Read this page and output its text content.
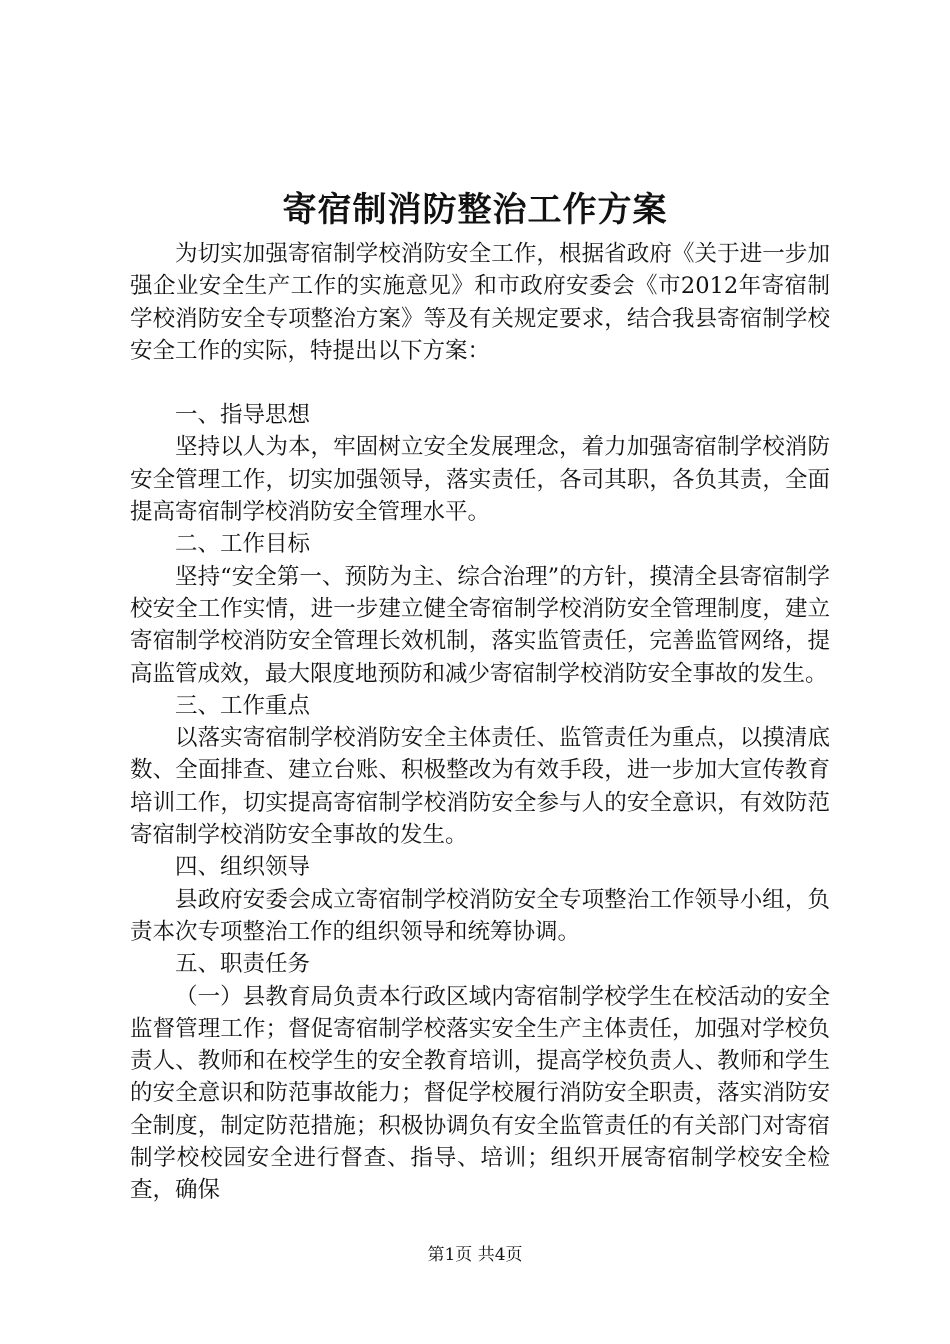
寄宿制消防整治工作方案

为切实加强寄宿制学校消防安全工作，根据省政府《关于进一步加强企业安全生产工作的实施意见》和市政府安委会《市2012年寄宿制学校消防安全专项整治方案》等及有关规定要求，结合我县寄宿制学校安全工作的实际，特提出以下方案：

一、指导思想

坚持以人为本，牢固树立安全发展理念，着力加强寄宿制学校消防安全管理工作，切实加强领导，落实责任，各司其职，各负其责，全面提高寄宿制学校消防安全管理水平。

二、工作目标

坚持“安全第一、预防为主、综合治理”的方针，摸清全县寄宿制学校安全工作实情，进一步建立健全寄宿制学校消防安全管理制度，建立寄宿制学校消防安全管理长效机制，落实监管责任，完善监管网络，提高监管成效，最大限度地预防和减少寄宿制学校消防安全事故的发生。

三、工作重点

以落实寄宿制学校消防安全主体责任、监管责任为重点，以摸清底数、全面排查、建立台账、积极整改为有效手段，进一步加大宣传教育培训工作，切实提高寄宿制学校消防安全参与人的安全意识，有效防范寄宿制学校消防安全事故的发生。

四、组织领导

县政府安委会成立寄宿制学校消防安全专项整治工作领导小组，负责本次专项整治工作的组织领导和统筹协调。

五、职责任务

（一）县教育局负责本行政区域内寄宿制学校学生在校活动的安全监督管理工作；督促寄宿制学校落实安全生产主体责任，加强对学校负责人、教师和在校学生的安全教育培训，提高学校负责人、教师和学生的安全意识和防范事故能力；督促学校履行消防安全职责，落实消防安全制度，制定防范措施；积极协调负有安全监管责任的有关部门对寄宿制学校校园安全进行督查、指导、培训；组织开展寄宿制学校安全检查，确保

第1页 共4页
